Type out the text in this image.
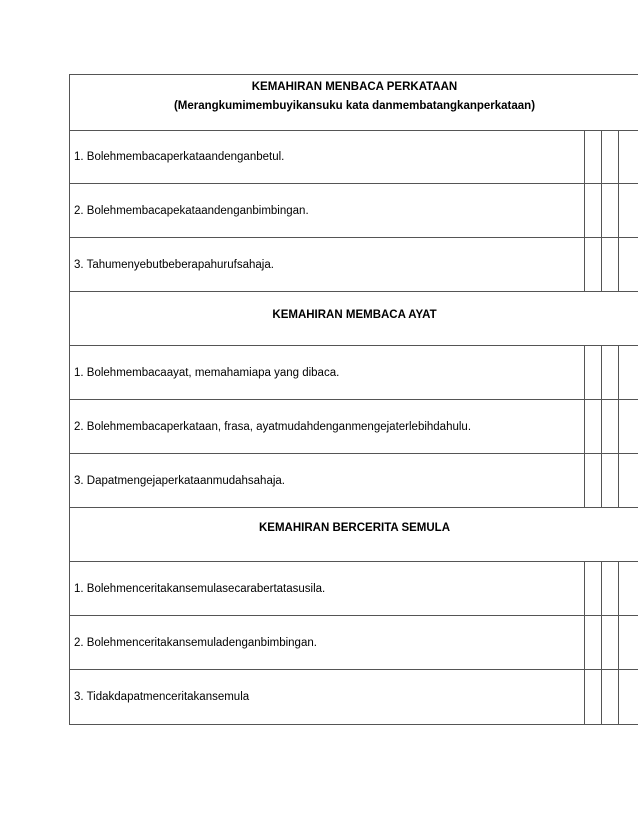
KEMAHIRAN MENBACA PERKATAAN
(Merangkumimembuyikansuku kata danmembatangkanperkataan)
1. Bolehmembacaperkataandenganbetul.
2. Bolehmembacapekataandenganbimbingan.
3. Tahumenyebutbeberapahurufsahaja.
KEMAHIRAN MEMBACA AYAT
1. Bolehmembacaayat, memahamiapa yang dibaca.
2. Bolehmembacaperkataan, frasa, ayatmudahdenganmengejaterlebihdahulu.
3. Dapatmengejaperkataanmudahsahaja.
KEMAHIRAN BERCERITA SEMULA
1. Bolehmenceritakansemulasecarabertatasusila.
2. Bolehmenceritakansemuladenganbimbingan.
3. Tidakdapatmenceritakansemula
